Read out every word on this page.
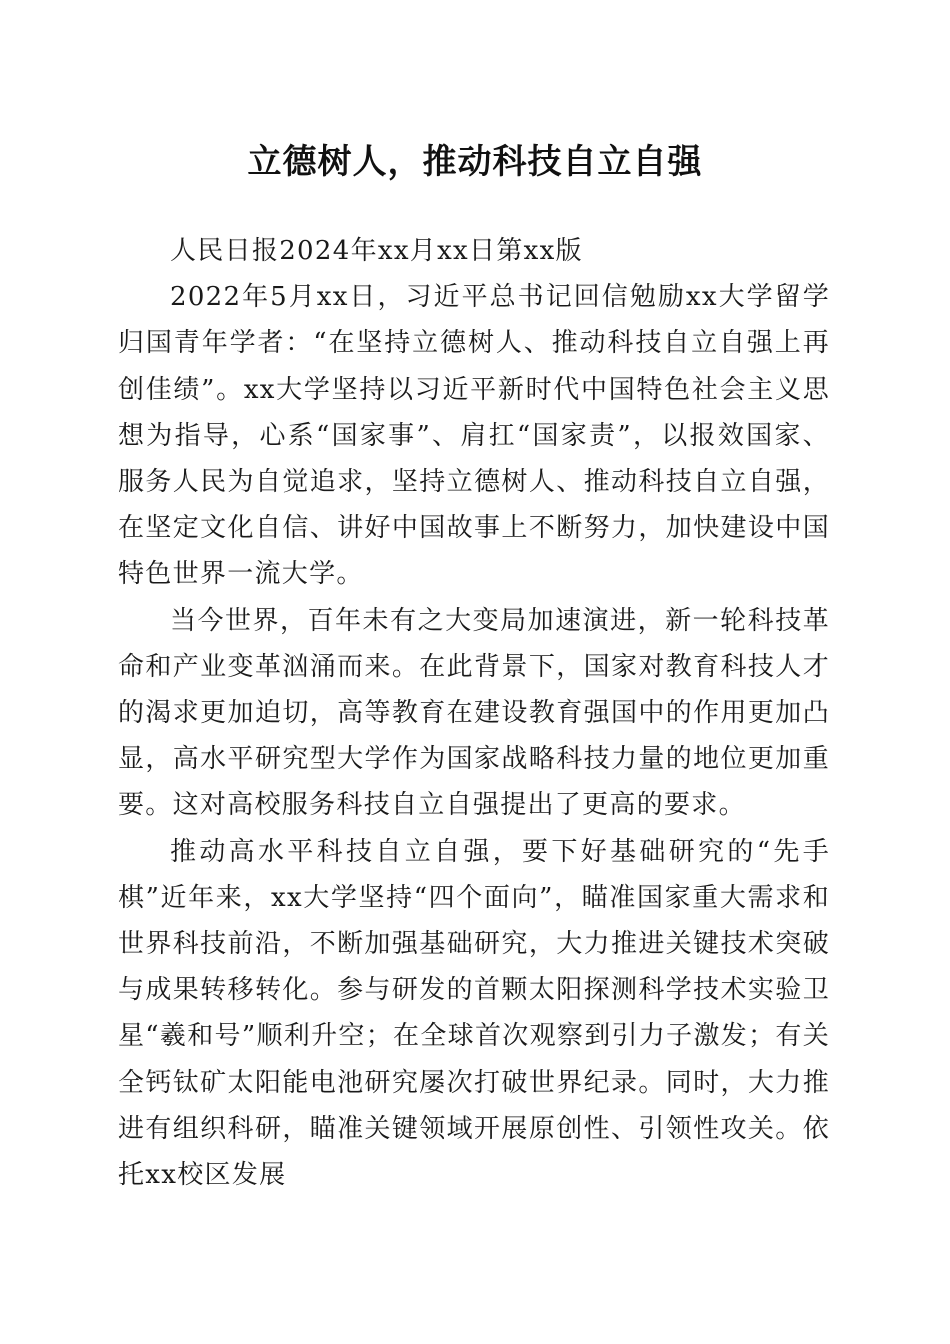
立德树人，推动科技自立自强

人民日报2024年xx月xx日第xx版

2022年5月xx日，习近平总书记回信勉励xx大学留学归国青年学者：“在坚持立德树人、推动科技自立自强上再创佳绩”。xx大学坚持以习近平新时代中国特色社会主义思想为指导，心系“国家事”、肩扛“国家责”，以报效国家、服务人民为自觉追求，坚持立德树人、推动科技自立自强，在坚定文化自信、讲好中国故事上不断努力，加快建设中国特色世界一流大学。

当今世界，百年未有之大变局加速演进，新一轮科技革命和产业变革汹涌而来。在此背景下，国家对教育科技人才的渴求更加迫切，高等教育在建设教育强国中的作用更加凸显，高水平研究型大学作为国家战略科技力量的地位更加重要。这对高校服务科技自立自强提出了更高的要求。

推动高水平科技自立自强，要下好基础研究的“先手棋”近年来，xx大学坚持“四个面向”，瞄准国家重大需求和世界科技前沿，不断加强基础研究，大力推进关键技术突破与成果转移转化。参与研发的首颗太阳探测科学技术实验卫星“羲和号”顺利升空；在全球首次观察到引力子激发；有关全钙钛矿太阳能电池研究屡次打破世界纪录。同时，大力推进有组织科研，瞄准关键领域开展原创性、引领性攻关。依托xx校区发展
